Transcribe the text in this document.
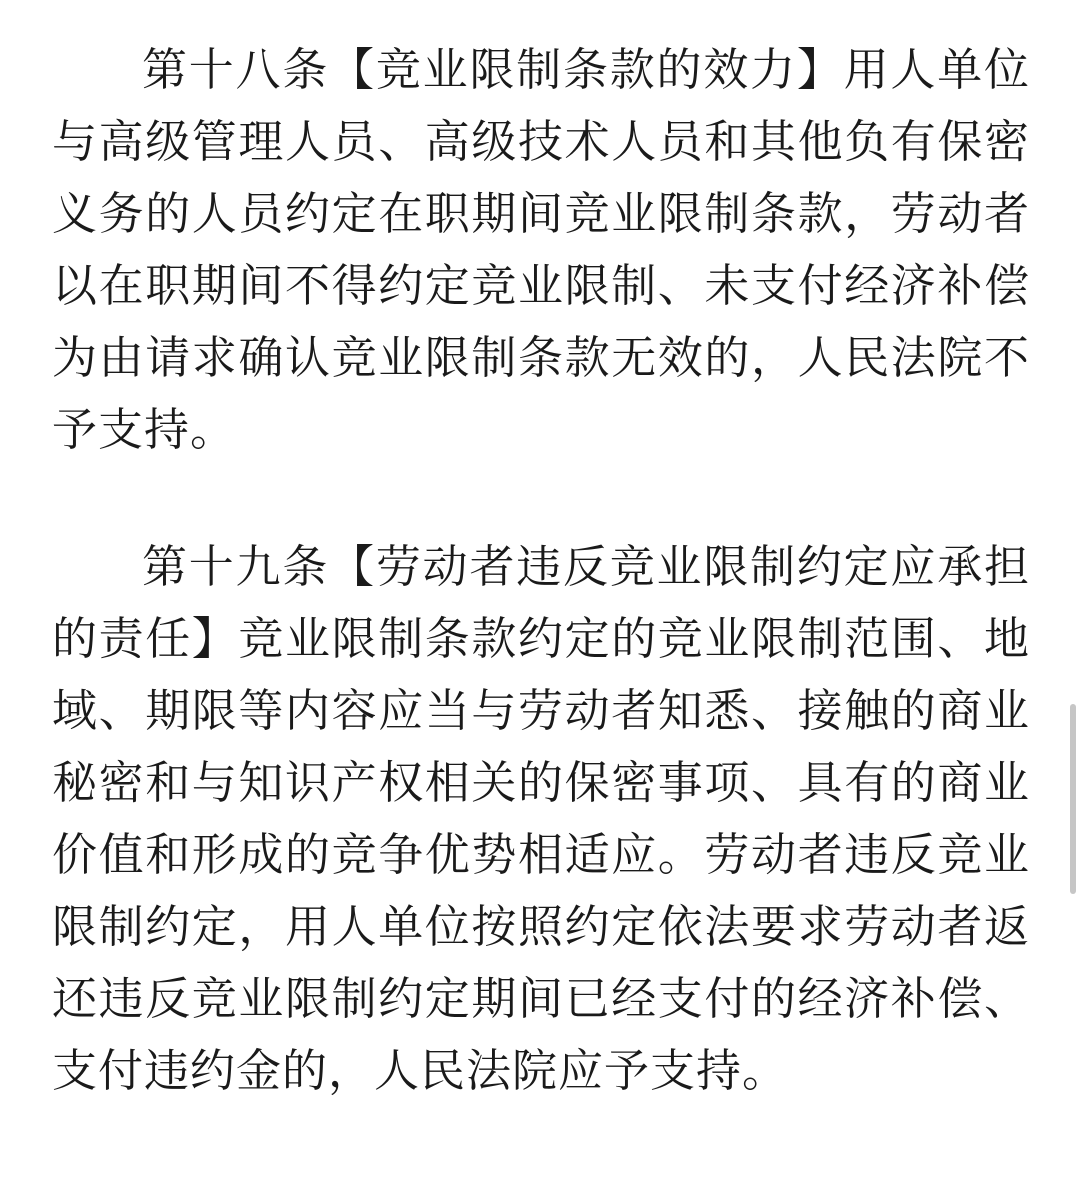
第十八条【竞业限制条款的效力】用人单位与高级管理人员、高级技术人员和其他负有保密义务的人员约定在职期间竞业限制条款，劳动者以在职期间不得约定竞业限制、未支付经济补偿为由请求确认竞业限制条款无效的，人民法院不予支持。

第十九条【劳动者违反竞业限制约定应承担的责任】竞业限制条款约定的竞业限制范围、地域、期限等内容应当与劳动者知悉、接触的商业秘密和与知识产权相关的保密事项、具有的商业价值和形成的竞争优势相适应。劳动者违反竞业限制约定，用人单位按照约定依法要求劳动者返还违反竞业限制约定期间已经支付的经济补偿、支付违约金的，人民法院应予支持。
